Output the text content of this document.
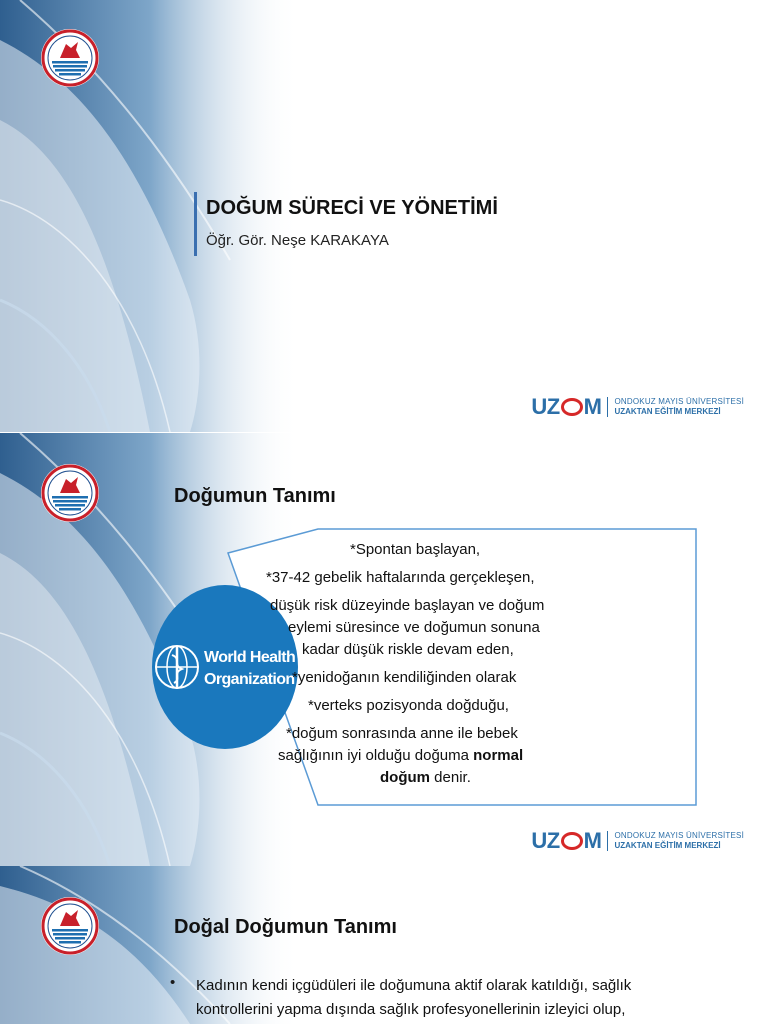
DOĞUM SÜRECİ VE YÖNETİMİ
Öğr. Gör. Neşe KARAKAYA
UZ M ONDOKUZ MAYIS ÜNİVERSİTESİ
UZAKTAN EĞİTİM MERKEZİ
Doğumun Tanımı
World Health
Organization
*Spontan başlayan,
*37-42 gebelik haftalarında gerçekleşen,
düşük risk düzeyinde başlayan ve doğum
eylemi süresince ve doğumun sonuna
kadar düşük riskle devam eden,
*yenidoğanın kendiliğinden olarak
*verteks pozisyonda doğduğu,
*doğum sonrasında anne ile bebek
sağlığının iyi olduğu doğuma normal
doğum denir.
UZ M ONDOKUZ MAYIS ÜNİVERSİTESİ
UZAKTAN EĞİTİM MERKEZİ
Doğal Doğumun Tanımı
• Kadının kendi içgüdüleri ile doğumuna aktif olarak katıldığı, sağlık
kontrollerini yapma dışında sağlık profesyonellerinin izleyici olup,
